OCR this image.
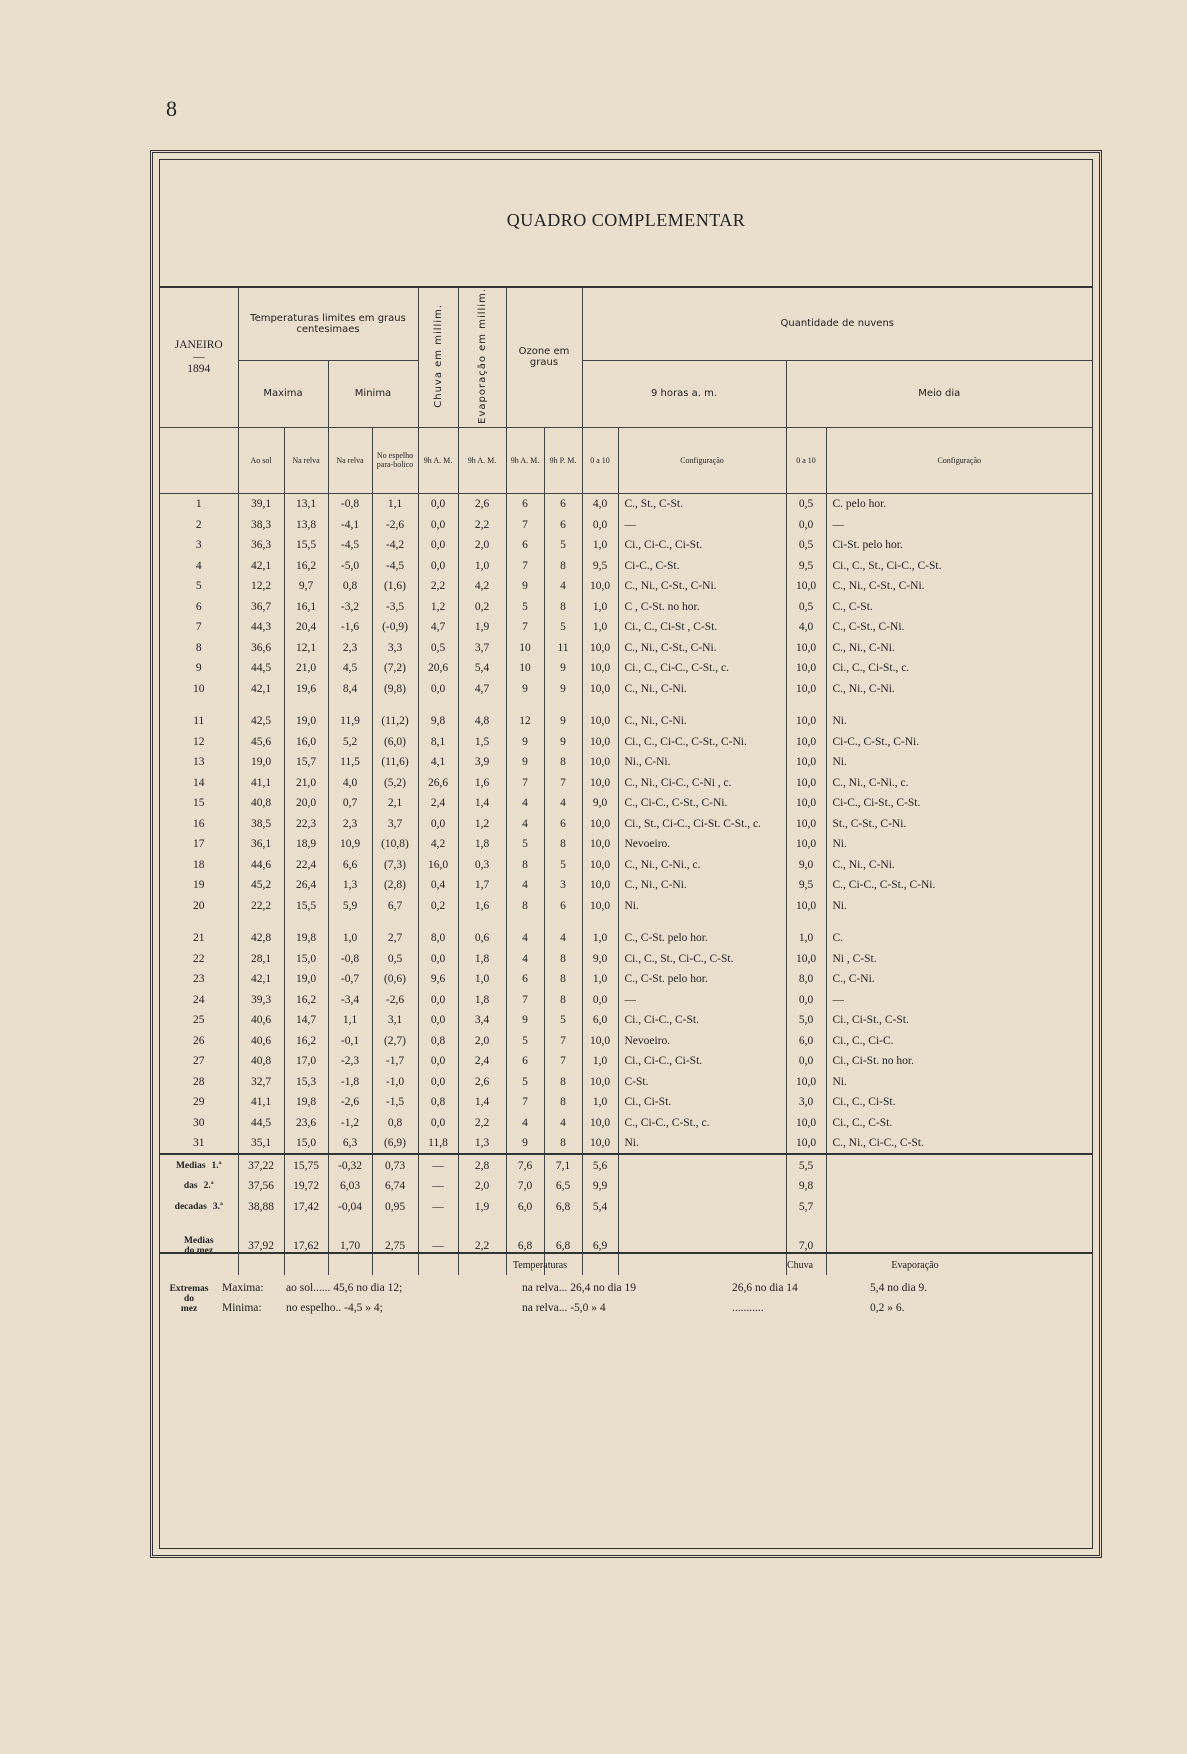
8
QUADRO COMPLEMENTAR
JANEIRO
—
1894	Temperaturas limites em graus centesimaes				Chuva em millim.	Evaporação em millim.	Ozone em graus		Quantidade de nuvens			
	Maxima		Minima						9 horas a. m.		Meio dia	
	Ao sol	Na relva	Na relva	No espelho para-bolico	9h A. M.	9h A. M.	9h A. M.	9h P. M.	0 a 10	Configuração	0 a 10	Configuração
1	39,1	13,1	-0,8	1,1	0,0	2,6	6	6	4,0	C., St., C-St.	0,5	C. pelo hor.
2	38,3	13,8	-4,1	-2,6	0,0	2,2	7	6	0,0	—	0,0	—
3	36,3	15,5	-4,5	-4,2	0,0	2,0	6	5	1,0	Ci., Ci-C., Ci-St.	0,5	Ci-St. pelo hor.
4	42,1	16,2	-5,0	-4,5	0,0	1,0	7	8	9,5	Ci-C., C-St.	9,5	Ci., C., St., Ci-C., C-St.
5	12,2	9,7	0,8	(1,6)	2,2	4,2	9	4	10,0	C., Ni., C-St., C-Ni.	10,0	C., Ni., C-St., C-Ni.
6	36,7	16,1	-3,2	-3,5	1,2	0,2	5	8	1,0	C , C-St. no hor.	0,5	C., C-St.
7	44,3	20,4	-1,6	(-0,9)	4,7	1,9	7	5	1,0	Ci., C., Ci-St , C-St.	4,0	C., C-St., C-Ni.
8	36,6	12,1	2,3	3,3	0,5	3,7	10	11	10,0	C., Ni., C-St., C-Ni.	10,0	C., Ni., C-Ni.
9	44,5	21,0	4,5	(7,2)	20,6	5,4	10	9	10,0	Ci., C., Ci-C., C-St., c.	10,0	Ci., C., Ci-St., c.
10	42,1	19,6	8,4	(9,8)	0,0	4,7	9	9	10,0	C., Ni., C-Ni.	10,0	C., Ni., C-Ni.

11	42,5	19,0	11,9	(11,2)	9,8	4,8	12	9	10,0	C., Ni., C-Ni.	10,0	Ni.
12	45,6	16,0	5,2	(6,0)	8,1	1,5	9	9	10,0	Ci., C., Ci-C., C-St., C-Ni.	10,0	Ci-C., C-St., C-Ni.
13	19,0	15,7	11,5	(11,6)	4,1	3,9	9	8	10,0	Ni., C-Ni.	10,0	Ni.
14	41,1	21,0	4,0	(5,2)	26,6	1,6	7	7	10,0	C., Ni., Ci-C., C-Ni , c.	10,0	C., Ni., C-Ni., c.
15	40,8	20,0	0,7	2,1	2,4	1,4	4	4	9,0	C., Ci-C., C-St., C-Ni.	10,0	Ci-C., Ci-St., C-St.
16	38,5	22,3	2,3	3,7	0,0	1,2	4	6	10,0	Ci., St., Ci-C., Ci-St. C-St., c.	10,0	St., C-St., C-Ni.
17	36,1	18,9	10,9	(10,8)	4,2	1,8	5	8	10,0	Nevoeiro.	10,0	Ni.
18	44,6	22,4	6,6	(7,3)	16,0	0,3	8	5	10,0	C., Ni., C-Ni., c.	9,0	C., Ni., C-Ni.
19	45,2	26,4	1,3	(2,8)	0,4	1,7	4	3	10,0	C., Ni., C-Ni.	9,5	C., Ci-C., C-St., C-Ni.
20	22,2	15,5	5,9	6,7	0,2	1,6	8	6	10,0	Ni.	10,0	Ni.

21	42,8	19,8	1,0	2,7	8,0	0,6	4	4	1,0	C., C-St. pelo hor.	1,0	C.
22	28,1	15,0	-0,8	0,5	0,0	1,8	4	8	9,0	Ci., C., St., Ci-C., C-St.	10,0	Ni , C-St.
23	42,1	19,0	-0,7	(0,6)	9,6	1,0	6	8	1,0	C., C-St. pelo hor.	8,0	C., C-Ni.
24	39,3	16,2	-3,4	-2,6	0,0	1,8	7	8	0,0	—	0,0	—
25	40,6	14,7	1,1	3,1	0,0	3,4	9	5	6,0	Ci., Ci-C., C-St.	5,0	Ci., Ci-St., C-St.
26	40,6	16,2	-0,1	(2,7)	0,8	2,0	5	7	10,0	Nevoeiro.	6,0	Ci., C., Ci-C.
27	40,8	17,0	-2,3	-1,7	0,0	2,4	6	7	1,0	Ci., Ci-C., Ci-St.	0,0	Ci., Ci-St. no hor.
28	32,7	15,3	-1,8	-1,0	0,0	2,6	5	8	10,0	C-St.	10,0	Ni.
29	41,1	19,8	-2,6	-1,5	0,8	1,4	7	8	1,0	Ci., Ci-St.	3,0	Ci., C., Ci-St.
30	44,5	23,6	-1,2	0,8	0,0	2,2	4	4	10,0	C., Ci-C., C-St., c.	10,0	Ci., C., C-St.
31	35,1	15,0	6,3	(6,9)	11,8	1,3	9	8	10,0	Ni.	10,0	C., Ni., Ci-C., C-St.
Medias 1.ª	37,22	15,75	-0,32	0,73	—	2,8	7,6	7,1	5,6		5,5	
das 2.ª	37,56	19,72	6,03	6,74	—	2,0	7,0	6,5	9,9		9,8	
decadas 3.ª	38,88	17,42	-0,04	0,95	—	1,9	6,0	6,8	5,4		5,7	

Medias
do mez	37,92	17,62	1,70	2,75	—	2,2	6,8	6,8	6,9		7,0	
Extremas
do
mez
Temperaturas	Chuva	Evaporação
Maxima: ao sol...... 45,6 no dia 12;	na relva... 26,4 no dia 19	26,6 no dia 14	5,4 no dia 9.
Minima: no espelho.. -4,5 » 4;	na relva... -5,0 » 4	...........	0,2 » 6.
